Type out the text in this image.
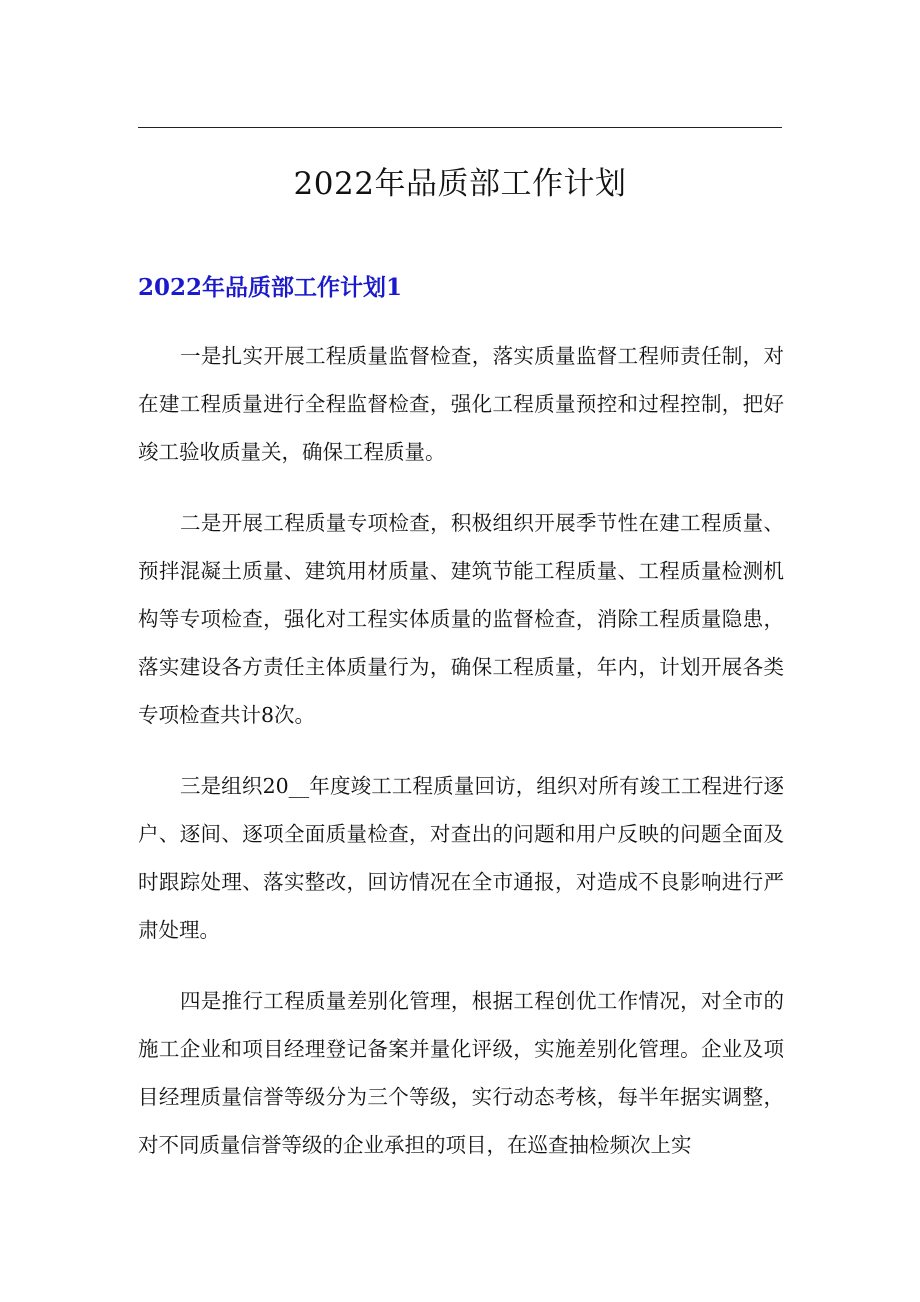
2022年品质部工作计划
2022年品质部工作计划1

一是扎实开展工程质量监督检查，落实质量监督工程师责任制，对在建工程质量进行全程监督检查，强化工程质量预控和过程控制，把好竣工验收质量关，确保工程质量。

二是开展工程质量专项检查，积极组织开展季节性在建工程质量、预拌混凝土质量、建筑用材质量、建筑节能工程质量、工程质量检测机构等专项检查，强化对工程实体质量的监督检查，消除工程质量隐患，落实建设各方责任主体质量行为，确保工程质量，年内，计划开展各类专项检查共计8次。

三是组织20__年度竣工工程质量回访，组织对所有竣工工程进行逐户、逐间、逐项全面质量检查，对查出的问题和用户反映的问题全面及时跟踪处理、落实整改，回访情况在全市通报，对造成不良影响进行严肃处理。

四是推行工程质量差别化管理，根据工程创优工作情况，对全市的施工企业和项目经理登记备案并量化评级，实施差别化管理。企业及项目经理质量信誉等级分为三个等级，实行动态考核，每半年据实调整，对不同质量信誉等级的企业承担的项目，在巡查抽检频次上实
